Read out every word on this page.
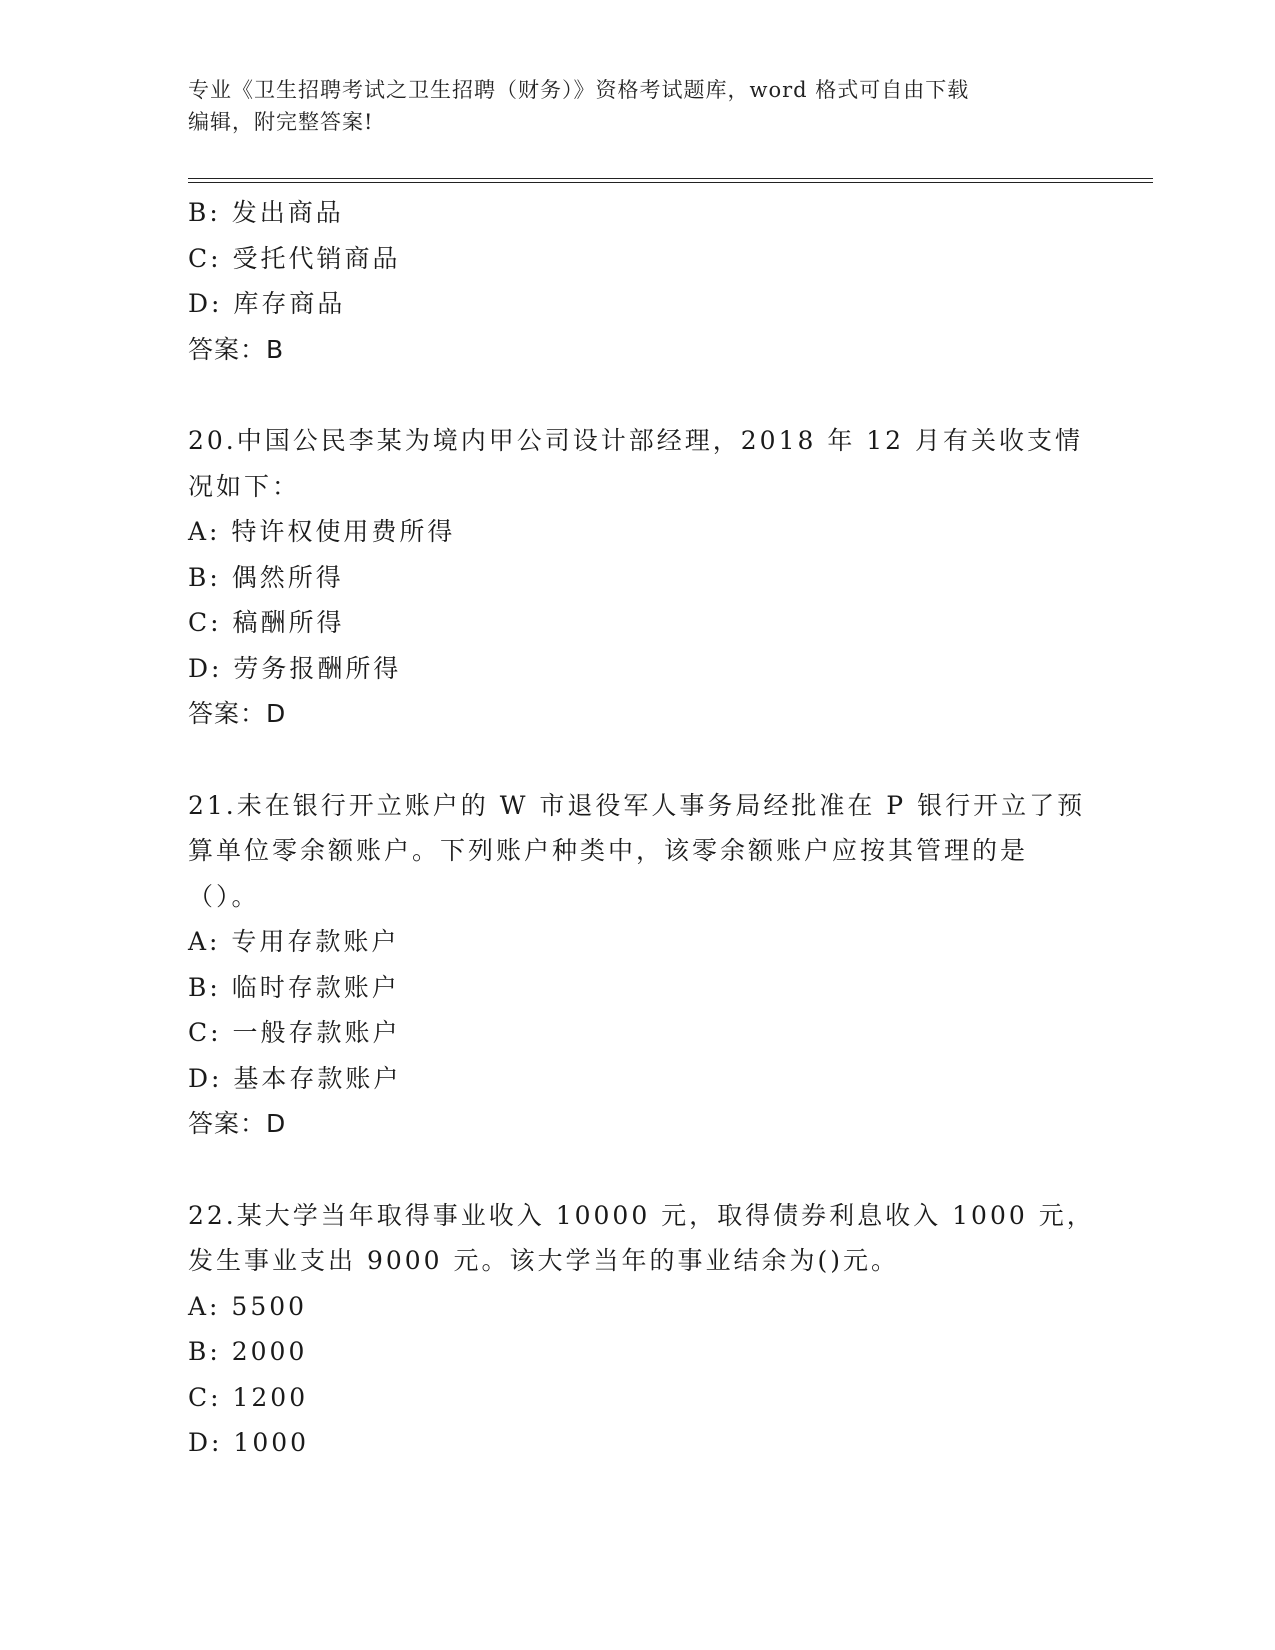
专业《卫生招聘考试之卫生招聘（财务）》资格考试题库，word 格式可自由下载
编辑，附完整答案!
B: 发出商品
C: 受托代销商品
D: 库存商品
答案：B
20.中国公民李某为境内甲公司设计部经理，2018 年 12 月有关收支情
况如下：
A: 特许权使用费所得
B: 偶然所得
C: 稿酬所得
D: 劳务报酬所得
答案：D
21.未在银行开立账户的 W 市退役军人事务局经批准在 P 银行开立了预
算单位零余额账户。下列账户种类中，该零余额账户应按其管理的是
（）。
A: 专用存款账户
B: 临时存款账户
C: 一般存款账户
D: 基本存款账户
答案：D
22.某大学当年取得事业收入 10000 元，取得债券利息收入 1000 元，
发生事业支出 9000 元。该大学当年的事业结余为()元。
A: 5500
B: 2000
C: 1200
D: 1000
